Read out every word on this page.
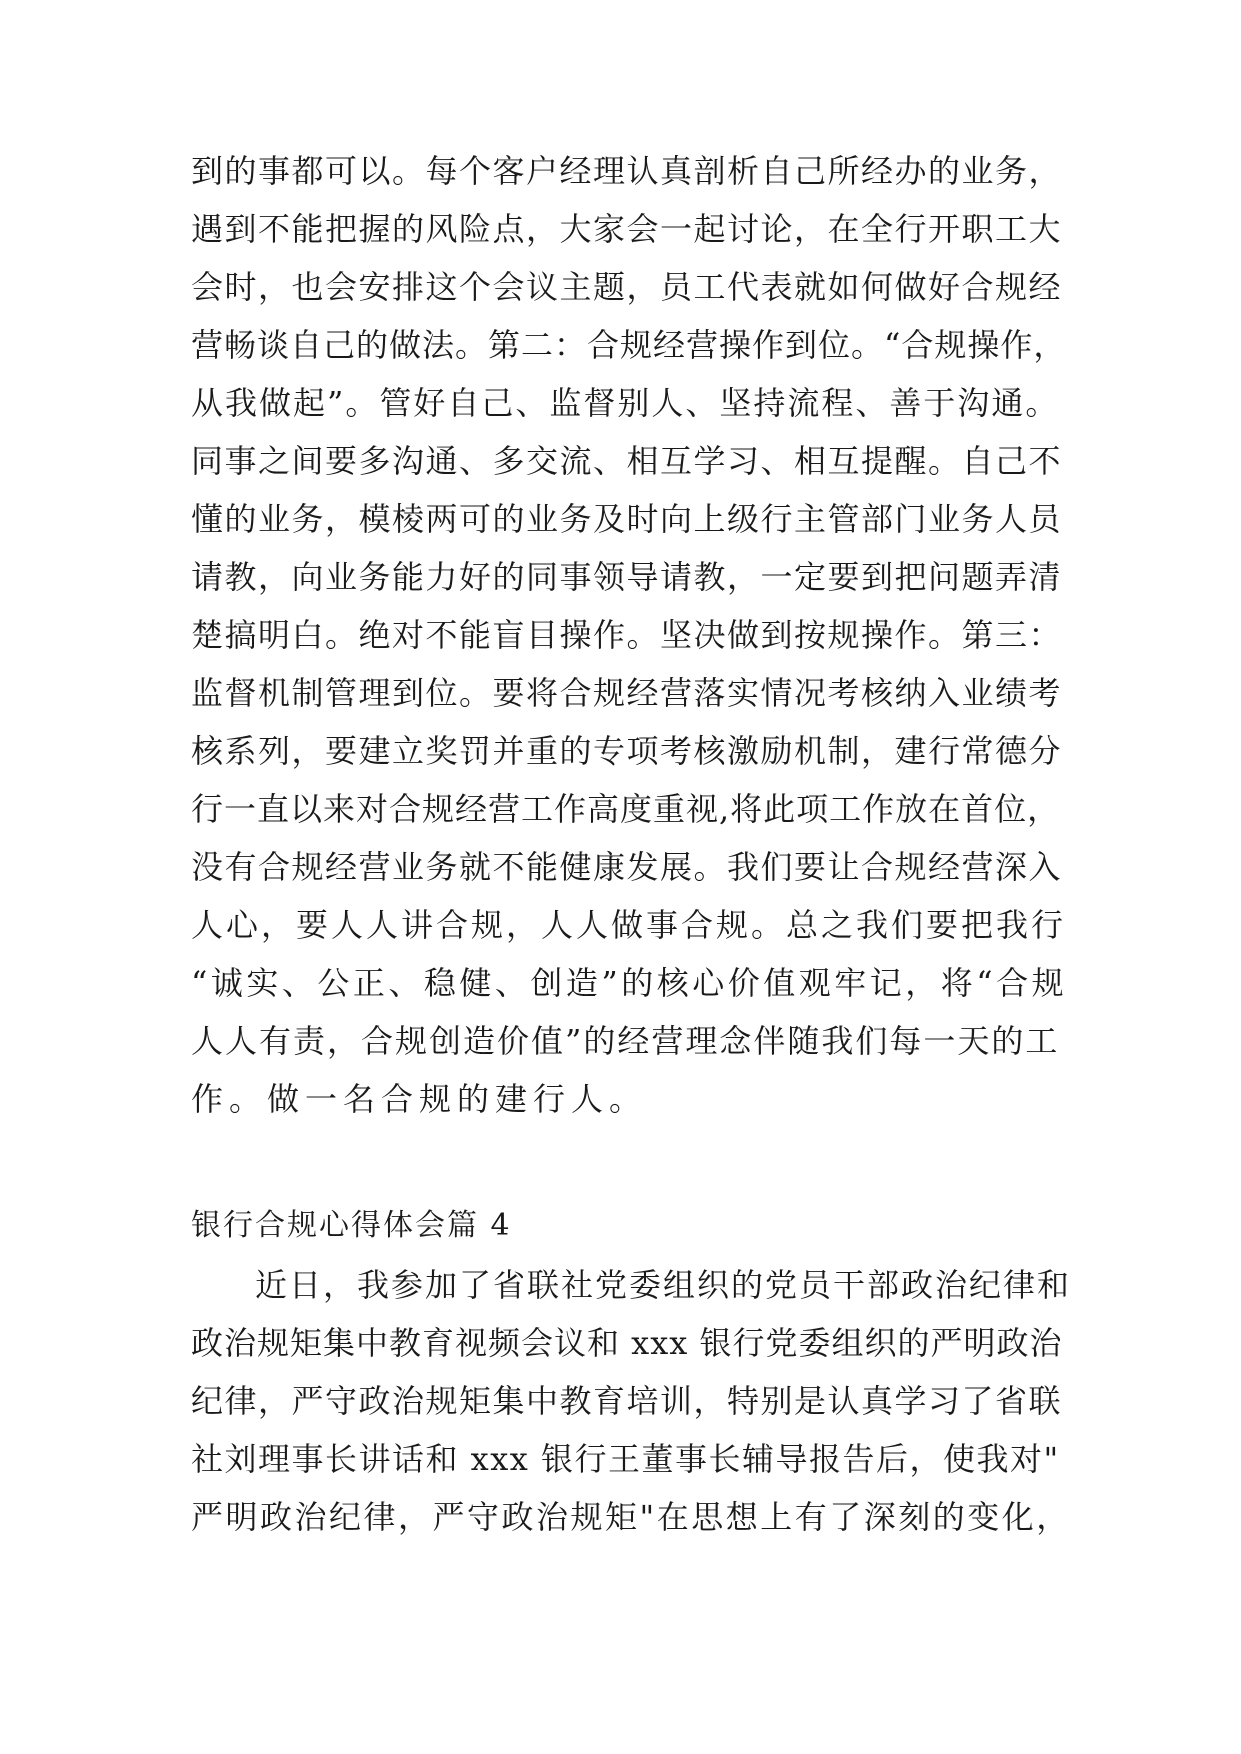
到的事都可以。每个客户经理认真剖析自己所经办的业务，
遇到不能把握的风险点，大家会一起讨论，在全行开职工大
会时，也会安排这个会议主题，员工代表就如何做好合规经
营畅谈自己的做法。第二：合规经营操作到位。“合规操作，
从我做起”。管好自己、监督别人、坚持流程、善于沟通。
同事之间要多沟通、多交流、相互学习、相互提醒。自己不
懂的业务，模棱两可的业务及时向上级行主管部门业务人员
请教，向业务能力好的同事领导请教，一定要到把问题弄清
楚搞明白。绝对不能盲目操作。坚决做到按规操作。第三：
监督机制管理到位。要将合规经营落实情况考核纳入业绩考
核系列，要建立奖罚并重的专项考核激励机制，建行常德分
行一直以来对合规经营工作高度重视,将此项工作放在首位，
没有合规经营业务就不能健康发展。我们要让合规经营深入
人心，要人人讲合规，人人做事合规。总之我们要把我行
“诚实、公正、稳健、创造”的核心价值观牢记，将“合规
人人有责，合规创造价值”的经营理念伴随我们每一天的工
作。做一名合规的建行人。
银行合规心得体会篇 4
近日，我参加了省联社党委组织的党员干部政治纪律和
政治规矩集中教育视频会议和 xxx 银行党委组织的严明政治
纪律，严守政治规矩集中教育培训，特别是认真学习了省联
社刘理事长讲话和 xxx 银行王董事长辅导报告后，使我对"
严明政治纪律，严守政治规矩"在思想上有了深刻的变化，
